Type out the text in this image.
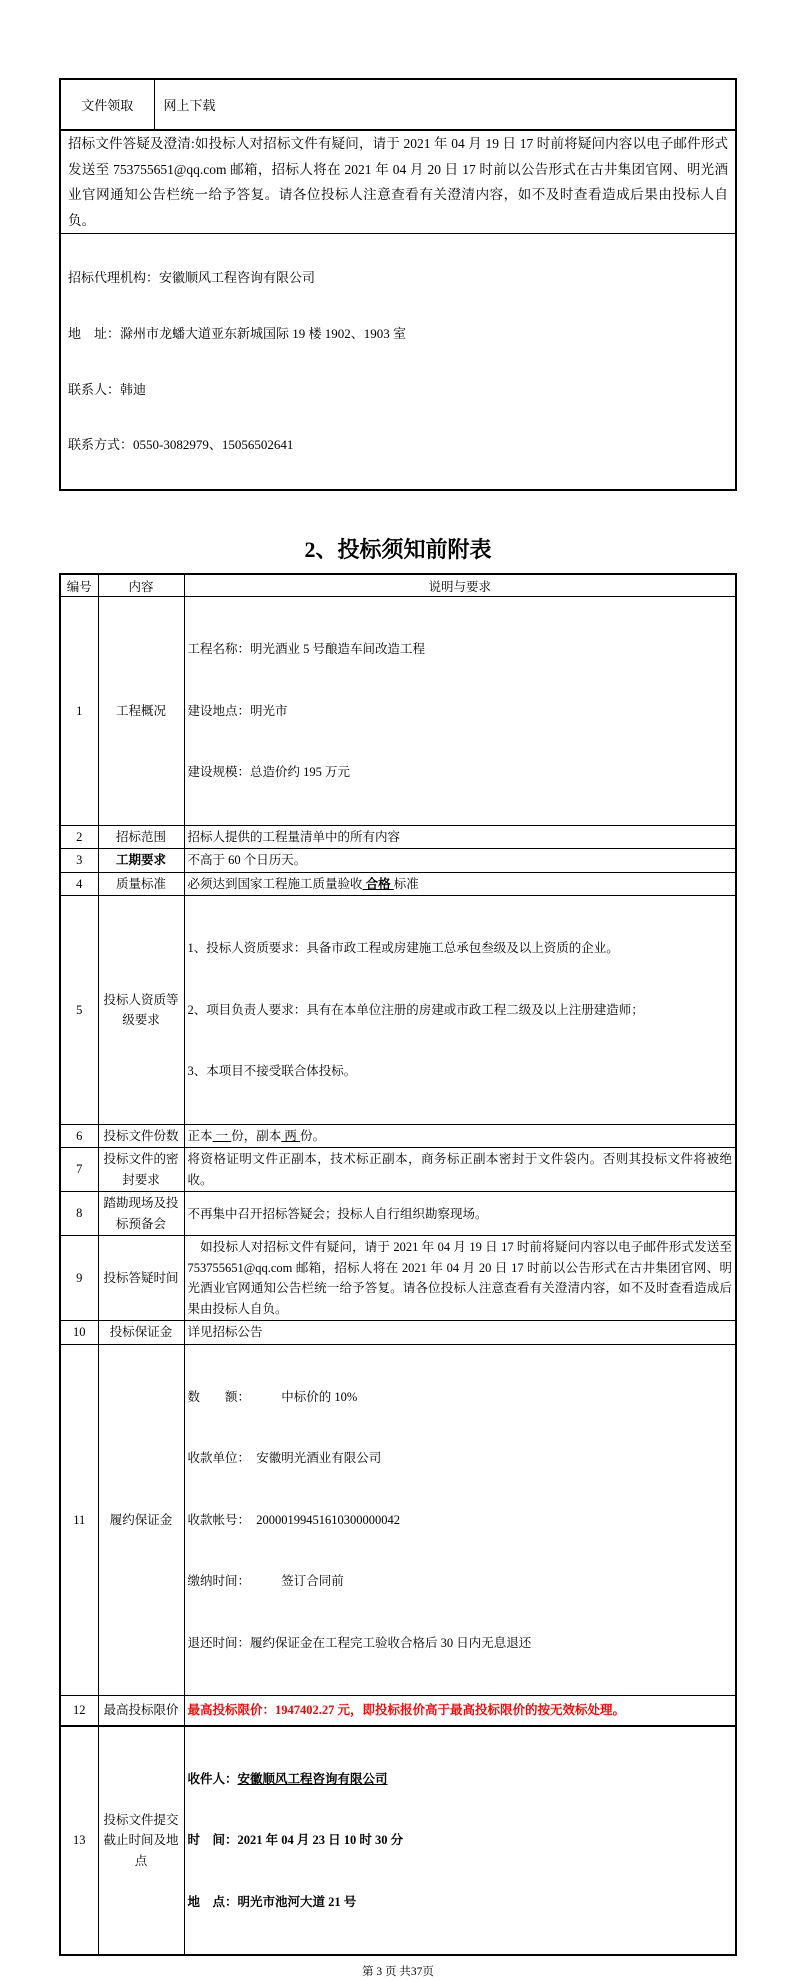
文件领取	网上下载
招标文件答疑及澄清:如投标人对招标文件有疑问，请于 2021 年 04 月 19 日 17 时前将疑问内容以电子邮件形式发送至 753755651@qq.com 邮箱，招标人将在 2021 年 04 月 20 日 17 时前以公告形式在古井集团官网、明光酒业官网通知公告栏统一给予答复。请各位投标人注意查看有关澄清内容，如不及时查看造成后果由投标人自负。

招标代理机构：安徽顺风工程咨询有限公司

地　址：滁州市龙蟠大道亚东新城国际 19 楼 1902、1903 室

联系人：韩迪

联系方式：0550-3082979、15056502641

2、投标须知前附表
编号	内容	说明与要求
1	工程概况	工程名称：明光酒业 5 号酿造车间改造工程

建设地点：明光市

建设规模：总造价约 195 万元

2	招标范围	招标人提供的工程量清单中的所有内容
3	工期要求	不高于 60 个日历天。
4	质量标准	必须达到国家工程施工质量验收 合格 标准
5	投标人资质等级要求	1、投标人资质要求：具备市政工程或房建施工总承包叁级及以上资质的企业。

2、项目负责人要求：具有在本单位注册的房建或市政工程二级及以上注册建造师；

3、本项目不接受联合体投标。

6	投标文件份数	正本 一 份，副本 两 份。
7	投标文件的密封要求	将资格证明文件正副本，技术标正副本，商务标正副本密封于文件袋内。否则其投标文件将被绝收。
8	踏勘现场及投标预备会	不再集中召开招标答疑会；投标人自行组织勘察现场。
9	投标答疑时间	　如投标人对招标文件有疑问，请于 2021 年 04 月 19 日 17 时前将疑问内容以电子邮件形式发送至 753755651@qq.com 邮箱，招标人将在 2021 年 04 月 20 日 17 时前以公告形式在古井集团官网、明光酒业官网通知公告栏统一给予答复。请各位投标人注意查看有关澄清内容，如不及时查看造成后果由投标人自负。
10	投标保证金	详见招标公告
11	履约保证金	数　　额：　　　中标价的 10%

收款单位：　安徽明光酒业有限公司

收款帐号：　20000199451610300000042

缴纳时间：　　　签订合同前

退还时间：履约保证金在工程完工验收合格后 30 日内无息退还

12	最高投标限价	最高投标限价：1947402.27 元，即投标报价高于最高投标限价的按无效标处理。
13	投标文件提交截止时间及地点	收件人：安徽顺风工程咨询有限公司

时　间：2021 年 04 月 23 日 10 时 30 分

地　点：明光市池河大道 21 号

第 3 页 共37页
